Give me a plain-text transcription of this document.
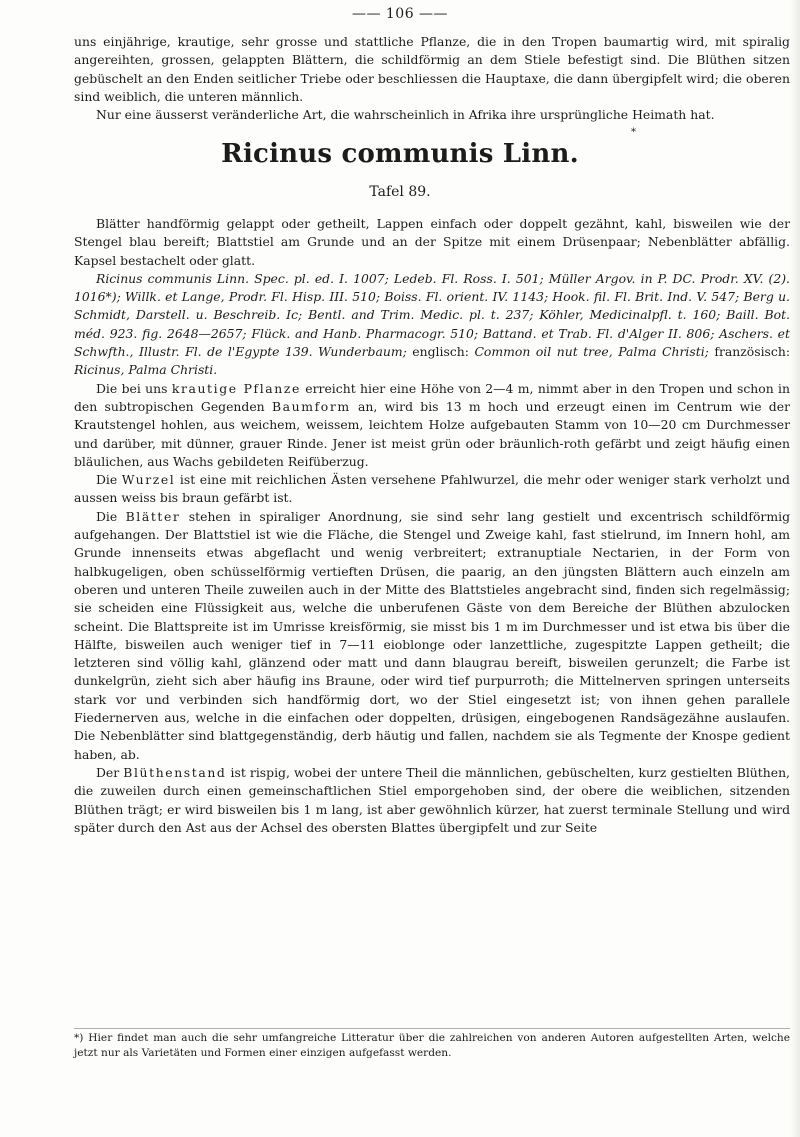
—— 106 ——

uns einjährige, krautige, sehr grosse und stattliche Pflanze, die in den Tropen baumartig wird, mit spiralig angereihten, grossen, gelappten Blättern, die schildförmig an dem Stiele befestigt sind. Die Blüthen sitzen gebüschelt an den Enden seitlicher Triebe oder beschliessen die Hauptaxe, die dann übergipfelt wird; die oberen sind weiblich, die unteren männlich.

Nur eine äusserst veränderliche Art, die wahrscheinlich in Afrika ihre ursprüngliche Heimath hat.

*
Ricinus communis Linn.
Tafel 89.

Blätter handförmig gelappt oder getheilt, Lappen einfach oder doppelt gezähnt, kahl, bisweilen wie der Stengel blau bereift; Blattstiel am Grunde und an der Spitze mit einem Drüsenpaar; Nebenblätter abfällig. Kapsel bestachelt oder glatt.

Ricinus communis Linn. Spec. pl. ed. I. 1007; Ledeb. Fl. Ross. I. 501; Müller Argov. in P. DC. Prodr. XV. (2). 1016*); Willk. et Lange, Prodr. Fl. Hisp. III. 510; Boiss. Fl. orient. IV. 1143; Hook. fil. Fl. Brit. Ind. V. 547; Berg u. Schmidt, Darstell. u. Beschreib. Ic; Bentl. and Trim. Medic. pl. t. 237; Köhler, Medicinalpfl. t. 160; Baill. Bot. méd. 923. fig. 2648—2657; Flück. and Hanb. Pharmacogr. 510; Battand. et Trab. Fl. d'Alger II. 806; Aschers. et Schwfth., Illustr. Fl. de l'Egypte 139. Wunderbaum; englisch: Common oil nut tree, Palma Christi; französisch: Ricinus, Palma Christi.

Die bei uns krautige Pflanze erreicht hier eine Höhe von 2—4 m, nimmt aber in den Tropen und schon in den subtropischen Gegenden Baumform an, wird bis 13 m hoch und erzeugt einen im Centrum wie der Krautstengel hohlen, aus weichem, weissem, leichtem Holze aufgebauten Stamm von 10—20 cm Durchmesser und darüber, mit dünner, grauer Rinde. Jener ist meist grün oder bräunlich-roth gefärbt und zeigt häufig einen bläulichen, aus Wachs gebildeten Reifüberzug.

Die Wurzel ist eine mit reichlichen Ästen versehene Pfahlwurzel, die mehr oder weniger stark verholzt und aussen weiss bis braun gefärbt ist.

Die Blätter stehen in spiraliger Anordnung, sie sind sehr lang gestielt und excentrisch schildförmig aufgehangen. Der Blattstiel ist wie die Fläche, die Stengel und Zweige kahl, fast stielrund, im Innern hohl, am Grunde innenseits etwas abgeflacht und wenig verbreitert; extranuptiale Nectarien, in der Form von halbkugeligen, oben schüsselförmig vertieften Drüsen, die paarig, an den jüngsten Blättern auch einzeln am oberen und unteren Theile zuweilen auch in der Mitte des Blattstieles angebracht sind, finden sich regelmässig; sie scheiden eine Flüssigkeit aus, welche die unberufenen Gäste von dem Bereiche der Blüthen abzulocken scheint. Die Blattspreite ist im Umrisse kreisförmig, sie misst bis 1 m im Durchmesser und ist etwa bis über die Hälfte, bisweilen auch weniger tief in 7—11 eioblonge oder lanzettliche, zugespitzte Lappen getheilt; die letzteren sind völlig kahl, glänzend oder matt und dann blaugrau bereift, bisweilen gerunzelt; die Farbe ist dunkelgrün, zieht sich aber häufig ins Braune, oder wird tief purpurroth; die Mittelnerven springen unterseits stark vor und verbinden sich handförmig dort, wo der Stiel eingesetzt ist; von ihnen gehen parallele Fiedernerven aus, welche in die einfachen oder doppelten, drüsigen, eingebogenen Randsägezähne auslaufen. Die Nebenblätter sind blattgegenständig, derb häutig und fallen, nachdem sie als Tegmente der Knospe gedient haben, ab.

Der Blüthenstand ist rispig, wobei der untere Theil die männlichen, gebüschelten, kurz gestielten Blüthen, die zuweilen durch einen gemeinschaftlichen Stiel emporgehoben sind, der obere die weiblichen, sitzenden Blüthen trägt; er wird bisweilen bis 1 m lang, ist aber gewöhnlich kürzer, hat zuerst terminale Stellung und wird später durch den Ast aus der Achsel des obersten Blattes übergipfelt und zur Seite

*) Hier findet man auch die sehr umfangreiche Litteratur über die zahlreichen von anderen Autoren aufgestellten Arten, welche jetzt nur als Varietäten und Formen einer einzigen aufgefasst werden.
